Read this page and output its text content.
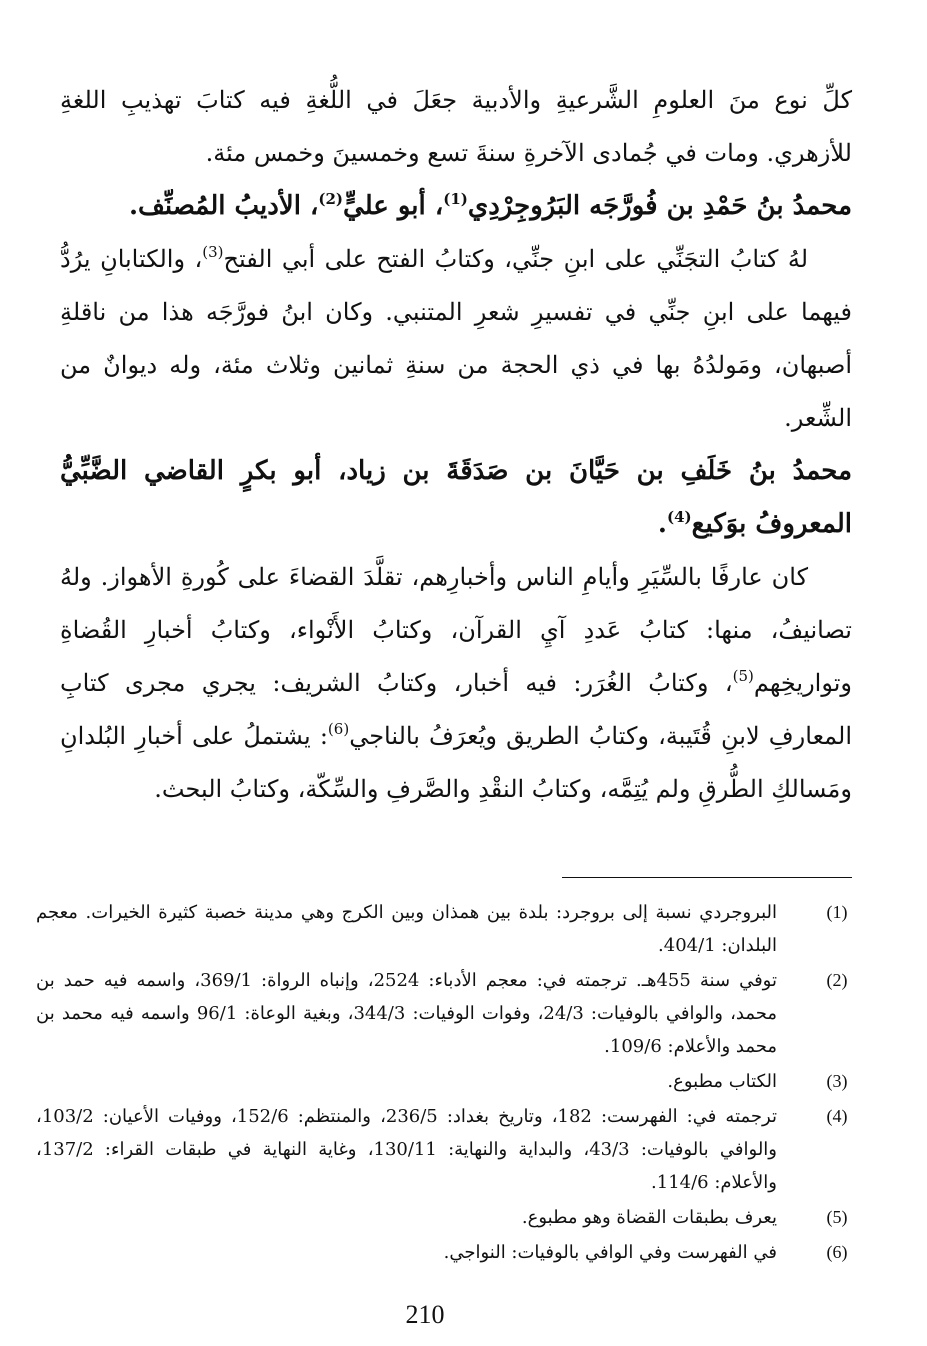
كلِّ نوع منَ العلومِ الشَّرعيةِ والأدبية جعَلَ في اللُّغةِ فيه كتابَ تهذيبِ اللغةِ للأزهري. ومات في جُمادى الآخرةِ سنةَ تسع وخمسينَ وخمس مئة.

محمدُ بنُ حَمْدِ بن فُورَّجَه البَرُوجِرْدِي$^{(1)}$، أبو عليٍّ$^{(2)}$، الأديبُ المُصنِّف.

لهُ كتابُ التجَنِّي على ابنِ جنِّي، وكتابُ الفتح على أبي الفتح$^{(3)}$، والكتابانِ يرُدُّ فيهما على ابنِ جنِّي في تفسيرِ شعرِ المتنبي. وكان ابنُ فورَّجَه هذا من ناقلةِ أصبهان، ومَولدُهُ بها في ذي الحجة من سنةِ ثمانين وثلاث مئة، وله ديوانٌ من الشِّعر.

محمدُ بنُ خَلَفِ بن حَيَّانَ بن صَدَقَةَ بن زياد، أبو بكرٍ القاضي الضَّبِّيُّ المعروفُ بوَكيع$^{(4)}$.

كان عارفًا بالسِّيَرِ وأيامِ الناس وأخبارِهم، تقلَّدَ القضاءَ على كُورةِ الأهواز. ولهُ تصانيفُ، منها: كتابُ عَددِ آيِ القرآن، وكتابُ الأَنْواء، وكتابُ أخبارِ القُضاةِ وتواريخِهم$^{(5)}$، وكتابُ الغُرَر: فيه أخبار، وكتابُ الشريف: يجري مجرى كتابِ المعارفِ لابنِ قُتَيبة، وكتابُ الطريق ويُعرَفُ بالناجي$^{(6)}$: يشتملُ على أخبارِ البُلدانِ ومَسالكِ الطُّرقِ ولم يُتِمَّه، وكتابُ النقْدِ والصَّرفِ والسِّكّة، وكتابُ البحث.

(1)
البروجردي نسبة إلى بروجرد: بلدة بين همذان وبين الكرج وهي مدينة خصبة كثيرة الخيرات. معجم البلدان: 404/1.
(2)
توفي سنة 455هـ. ترجمته في: معجم الأدباء: 2524، وإنباه الرواة: 369/1، واسمه فيه حمد بن محمد، والوافي بالوفيات: 24/3، وفوات الوفيات: 344/3، وبغية الوعاة: 96/1 واسمه فيه محمد بن محمد والأعلام: 109/6.
(3)
الكتاب مطبوع.
(4)
ترجمته في: الفهرست: 182، وتاريخ بغداد: 236/5، والمنتظم: 152/6، ووفيات الأعيان: 103/2، والوافي بالوفيات: 43/3، والبداية والنهاية: 130/11، وغاية النهاية في طبقات القراء: 137/2، والأعلام: 114/6.
(5)
يعرف بطبقات القضاة وهو مطبوع.
(6)
في الفهرست وفي الوافي بالوفيات: النواجي.
210
